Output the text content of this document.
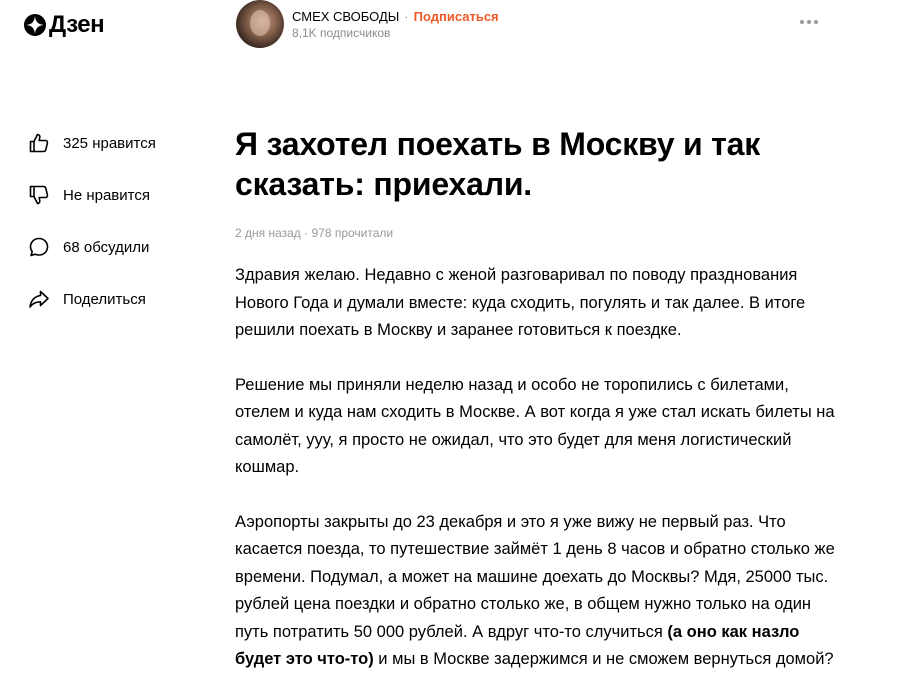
Дзен	СМЕХ СВОБОДЫ · Подписаться
8,1K подписчиков
325 нравится
Не нравится
68 обсудили
Поделиться
Я захотел поехать в Москву и так сказать: приехали.
2 дня назад · 978 прочитали

Здравия желаю. Недавно с женой разговаривал по поводу празднования Нового Года и думали вместе: куда сходить, погулять и так далее. В итоге решили поехать в Москву и заранее готовиться к поездке.

Решение мы приняли неделю назад и особо не торопились с билетами, отелем и куда нам сходить в Москве. А вот когда я уже стал искать билеты на самолёт, ууу, я просто не ожидал, что это будет для меня логистический кошмар.

Аэропорты закрыты до 23 декабря и это я уже вижу не первый раз. Что касается поезда, то путешествие займёт 1 день 8 часов и обратно столько же времени. Подумал, а может на машине доехать до Москвы? Мдя, 25000 тыс. рублей цена поездки и обратно столько же, в общем нужно только на один путь потратить 50 000 рублей. А вдруг что-то случиться (а оно как назло будет это что-то) и мы в Москве задержимся и не сможем вернуться домой?
